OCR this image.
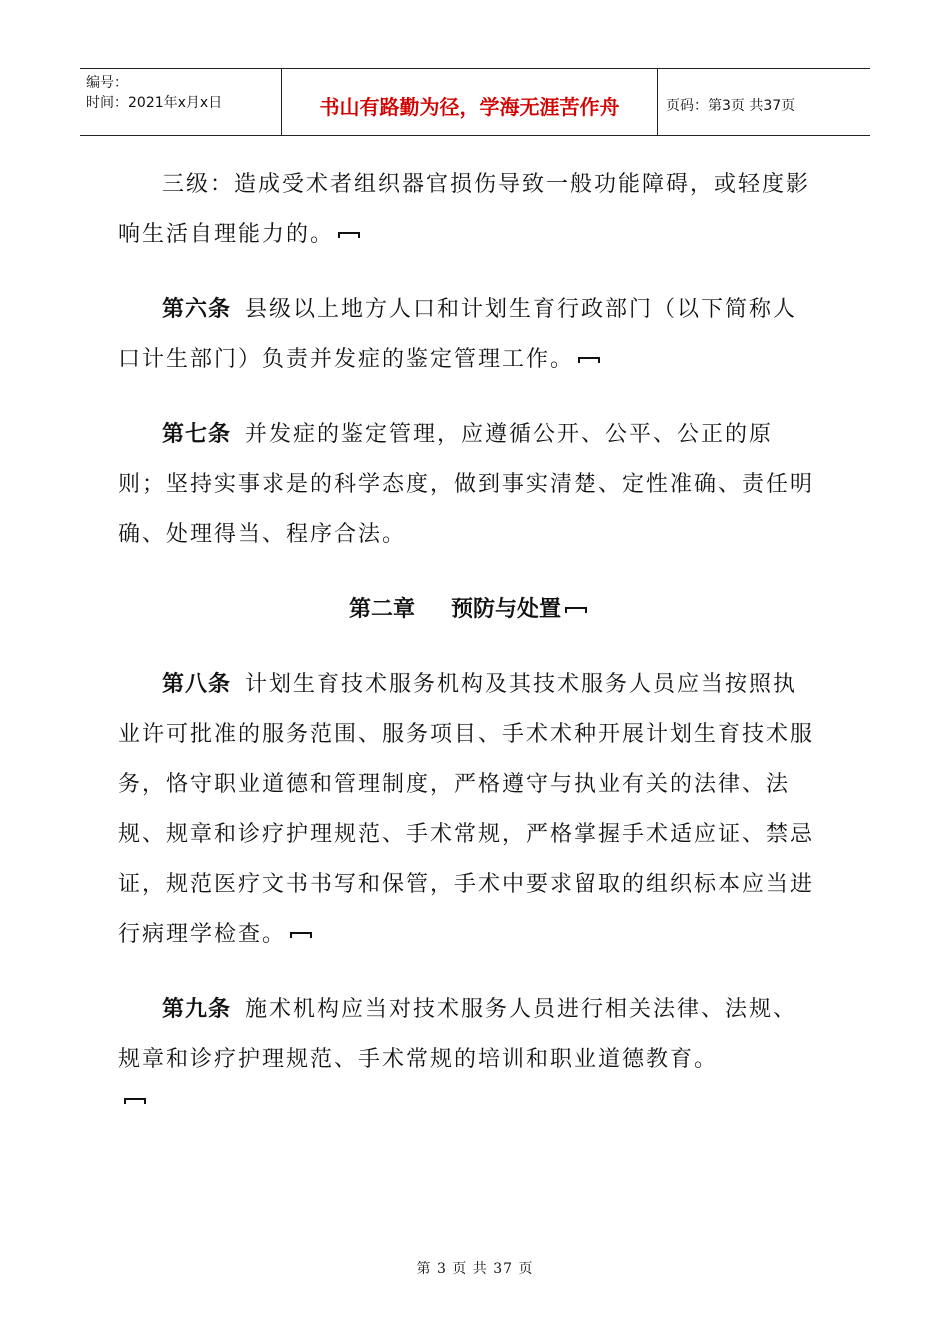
编号：
时间：2021年x月x日	书山有路勤为径，学海无涯苦作舟	页码：第3页 共37页

三级：造成受术者组织器官损伤导致一般功能障碍，或轻度影响生活自理能力的。

第六条 县级以上地方人口和计划生育行政部门（以下简称人口计生部门）负责并发症的鉴定管理工作。

第七条 并发症的鉴定管理，应遵循公开、公平、公正的原则；坚持实事求是的科学态度，做到事实清楚、定性准确、责任明确、处理得当、程序合法。

第二章 预防与处置

第八条 计划生育技术服务机构及其技术服务人员应当按照执业许可批准的服务范围、服务项目、手术术种开展计划生育技术服务，恪守职业道德和管理制度，严格遵守与执业有关的法律、法规、规章和诊疗护理规范、手术常规，严格掌握手术适应证、禁忌证，规范医疗文书书写和保管，手术中要求留取的组织标本应当进行病理学检查。

第九条 施术机构应当对技术服务人员进行相关法律、法规、规章和诊疗护理规范、手术常规的培训和职业道德教育。

第 3 页 共 37 页
